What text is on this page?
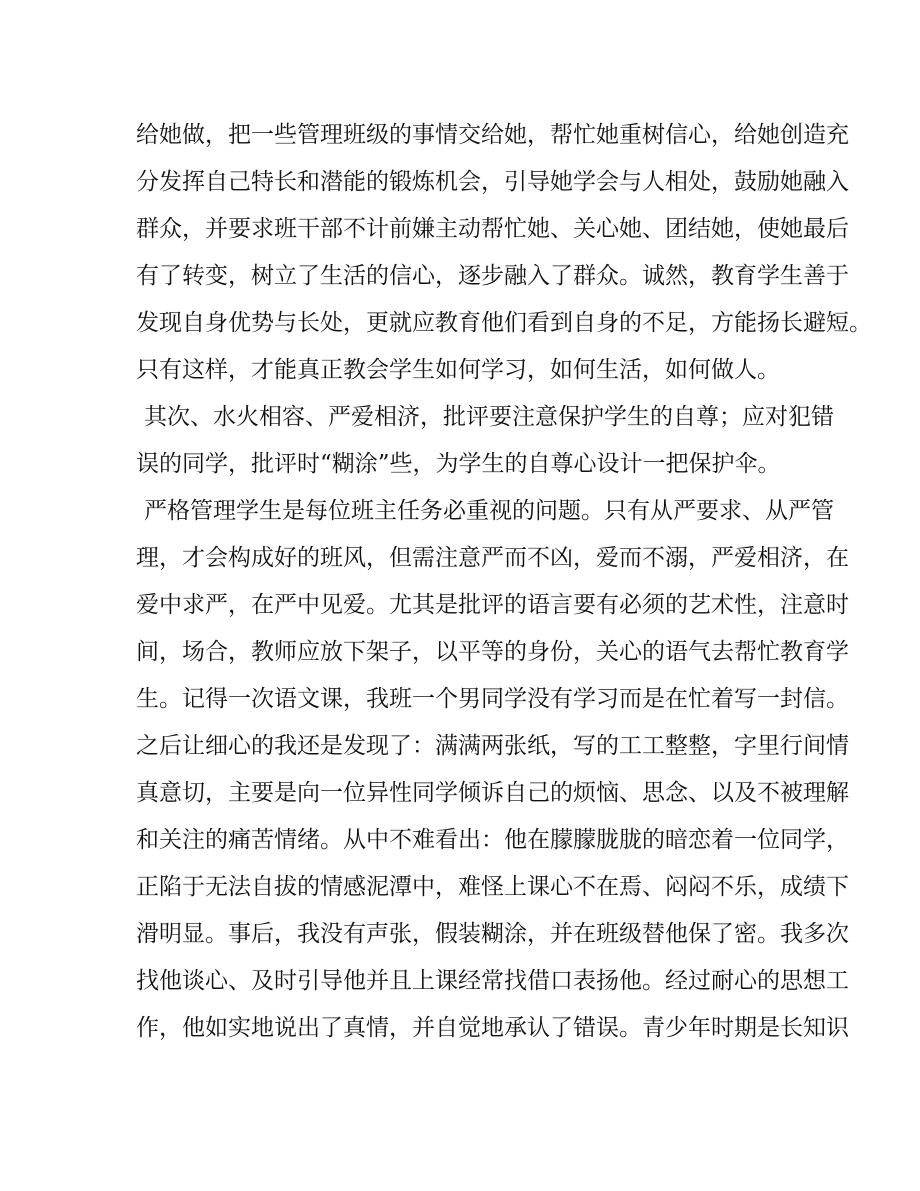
给她做，把一些管理班级的事情交给她，帮忙她重树信心，给她创造充
分发挥自己特长和潜能的锻炼机会，引导她学会与人相处，鼓励她融入
群众，并要求班干部不计前嫌主动帮忙她、关心她、团结她，使她最后
有了转变，树立了生活的信心，逐步融入了群众。诚然，教育学生善于
发现自身优势与长处，更就应教育他们看到自身的不足，方能扬长避短。
只有这样，才能真正教会学生如何学习，如何生活，如何做人。
其次、水火相容、严爱相济，批评要注意保护学生的自尊；应对犯错
误的同学，批评时“糊涂”些，为学生的自尊心设计一把保护伞。
严格管理学生是每位班主任务必重视的问题。只有从严要求、从严管
理，才会构成好的班风，但需注意严而不凶，爱而不溺，严爱相济，在
爱中求严，在严中见爱。尤其是批评的语言要有必须的艺术性，注意时
间，场合，教师应放下架子，以平等的身份，关心的语气去帮忙教育学
生。记得一次语文课，我班一个男同学没有学习而是在忙着写一封信。
之后让细心的我还是发现了：满满两张纸，写的工工整整，字里行间情
真意切，主要是向一位异性同学倾诉自己的烦恼、思念、以及不被理解
和关注的痛苦情绪。从中不难看出：他在朦朦胧胧的暗恋着一位同学，
正陷于无法自拔的情感泥潭中，难怪上课心不在焉、闷闷不乐，成绩下
滑明显。事后，我没有声张，假装糊涂，并在班级替他保了密。我多次
找他谈心、及时引导他并且上课经常找借口表扬他。经过耐心的思想工
作，他如实地说出了真情，并自觉地承认了错误。青少年时期是长知识
